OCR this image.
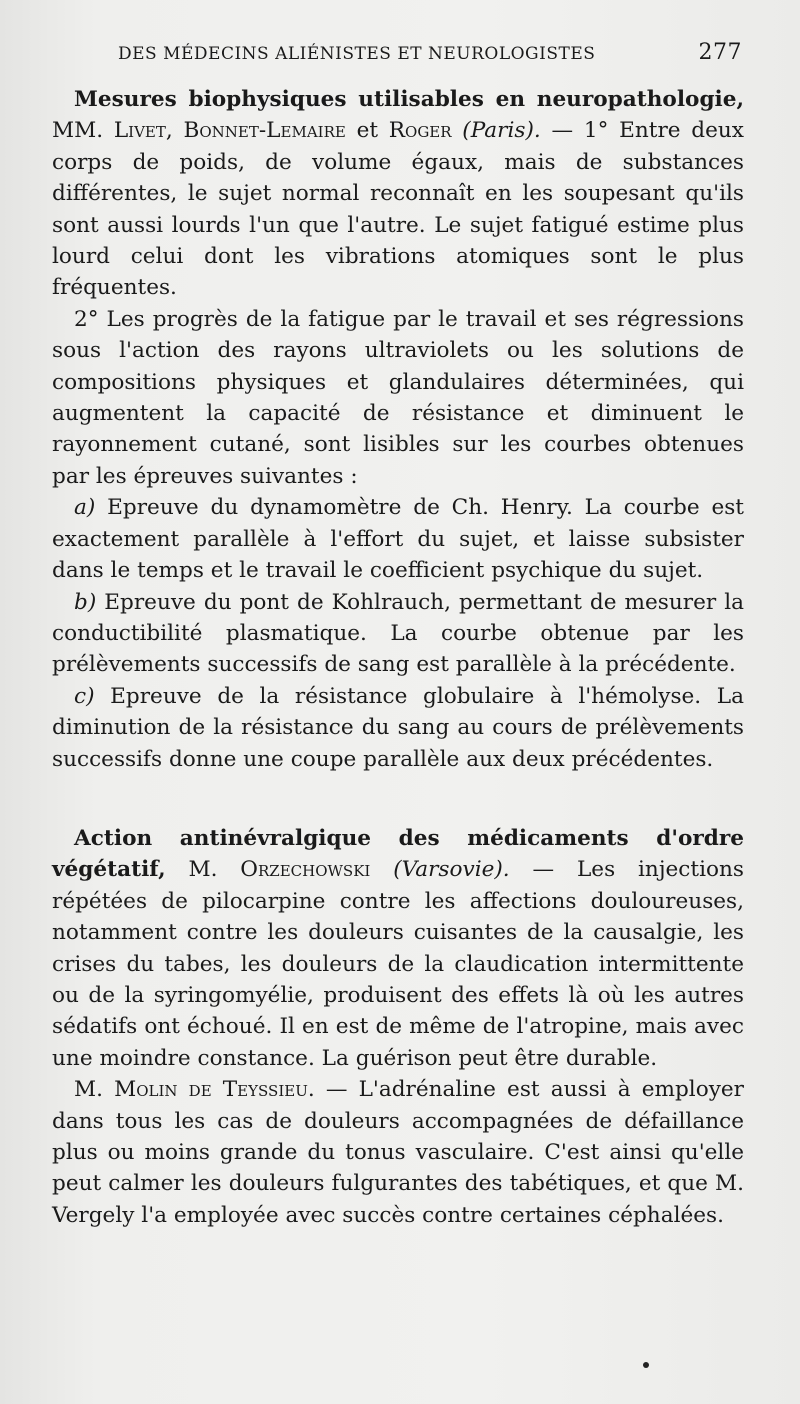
DES MÉDECINS ALIÉNISTES ET NEUROLOGISTES	277

Mesures biophysiques utilisables en neuropathologie, MM. Livet, Bonnet-Lemaire et Roger (Paris). — 1° Entre deux corps de poids, de volume égaux, mais de substances différentes, le sujet normal reconnaît en les soupesant qu'ils sont aussi lourds l'un que l'autre. Le sujet fatigué estime plus lourd celui dont les vibrations atomiques sont le plus fréquentes.

2° Les progrès de la fatigue par le travail et ses régressions sous l'action des rayons ultraviolets ou les solutions de compositions physiques et glandulaires déterminées, qui augmentent la capacité de résistance et diminuent le rayonnement cutané, sont lisibles sur les courbes obtenues par les épreuves suivantes :

a) Epreuve du dynamomètre de Ch. Henry. La courbe est exactement parallèle à l'effort du sujet, et laisse subsister dans le temps et le travail le coefficient psychique du sujet.

b) Epreuve du pont de Kohlrauch, permettant de mesurer la conductibilité plasmatique. La courbe obtenue par les prélèvements successifs de sang est parallèle à la précédente.

c) Epreuve de la résistance globulaire à l'hémolyse. La diminution de la résistance du sang au cours de prélèvements successifs donne une coupe parallèle aux deux précédentes.

Action antinévralgique des médicaments d'ordre végétatif, M. Orzechowski (Varsovie). — Les injections répétées de pilocarpine contre les affections douloureuses, notamment contre les douleurs cuisantes de la causalgie, les crises du tabes, les douleurs de la claudication intermittente ou de la syringomyélie, produisent des effets là où les autres sédatifs ont échoué. Il en est de même de l'atropine, mais avec une moindre constance. La guérison peut être durable.

M. Molin de Teyssieu. — L'adrénaline est aussi à employer dans tous les cas de douleurs accompagnées de défaillance plus ou moins grande du tonus vasculaire. C'est ainsi qu'elle peut calmer les douleurs fulgurantes des tabétiques, et que M. Vergely l'a employée avec succès contre certaines céphalées.
